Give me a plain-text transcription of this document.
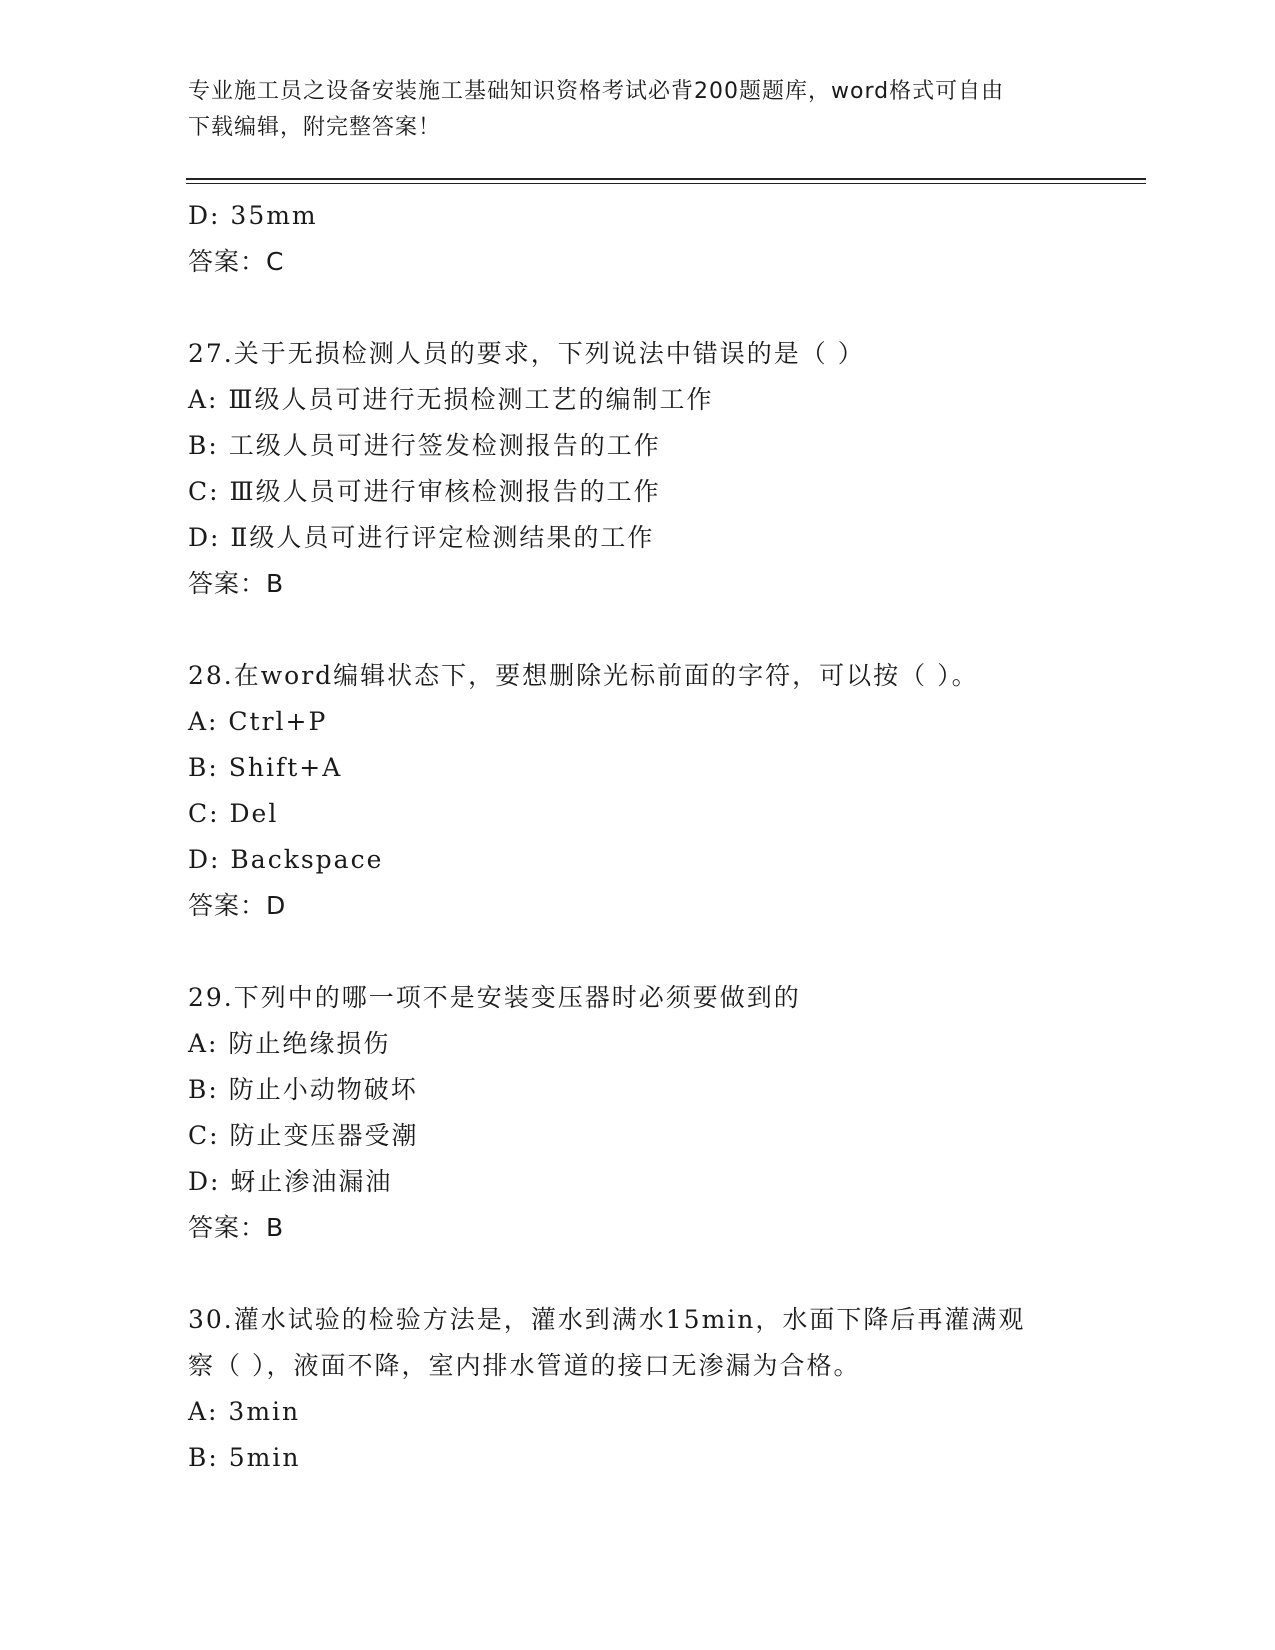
专业施工员之设备安装施工基础知识资格考试必背200题题库，word格式可自由
下载编辑，附完整答案！
D: 35mm
答案：C
27.关于无损检测人员的要求，下列说法中错误的是（ ）
A: Ⅲ级人员可进行无损检测工艺的编制工作
B: 工级人员可进行签发检测报告的工作
C: Ⅲ级人员可进行审核检测报告的工作
D: Ⅱ级人员可进行评定检测结果的工作
答案：B
28.在word编辑状态下，要想删除光标前面的字符，可以按（ ）。
A: Ctrl+P
B: Shift+A
C: Del
D: Backspace
答案：D
29.下列中的哪一项不是安装变压器时必须要做到的
A: 防止绝缘损伤
B: 防止小动物破坏
C: 防止变压器受潮
D: 蚜止渗油漏油
答案：B
30.灌水试验的检验方法是，灌水到满水15min，水面下降后再灌满观
察（ ），液面不降，室内排水管道的接口无渗漏为合格。
A: 3min
B: 5min
